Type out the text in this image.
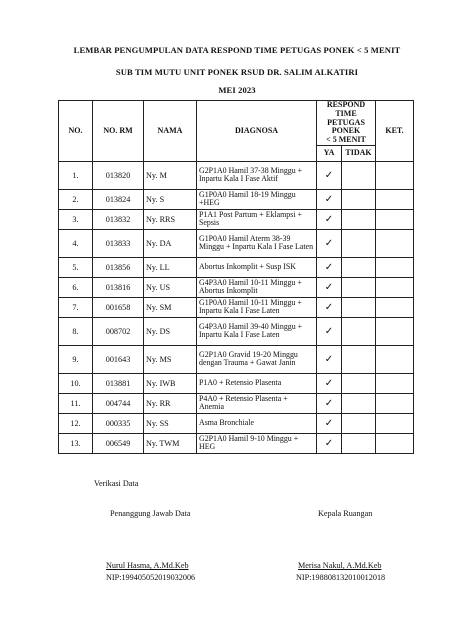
LEMBAR PENGUMPULAN DATA RESPOND TIME PETUGAS PONEK < 5 MENIT
SUB TIM MUTU UNIT PONEK RSUD DR. SALIM ALKATIRI
MEI 2023
NO.	NO. RM	NAMA	DIAGNOSA	RESPOND
TIME
PETUGAS
PONEK
< 5 MENIT		KET.
				YA	TIDAK	
1.	013820	Ny. M	G2P1A0 Hamil 37-38 Minggu + Inpartu Kala I Fase Aktif	✓		
2.	013824	Ny. S	G1P0A0 Hamil 18-19 Minggu +HEG	✓		
3.	013832	Ny. RRS	P1A1 Post Partum + Eklampsi + Sepsis	✓		
4.	013833	Ny. DA	G1P0A0 Hamil Aterm 38-39 Minggu + Inpartu Kala I Fase Laten	✓		
5.	013856	Ny. LL	Abortus Inkomplit + Susp ISK	✓		
6.	013816	Ny. US	G4P3A0 Hamil 10-11 Minggu + Abortus Inkomplit	✓		
7.	001658	Ny. SM	G1P0A0 Hamil 10-11 Minggu + Inpartu Kala I Fase Laten	✓		
8.	008702	Ny. DS	G4P3A0 Hamil 39-40 Minggu + Inpartu Kala I Fase Laten	✓		
9.	001643	Ny. MS	G2P1A0 Gravid 19-20 Minggu dengan Trauma + Gawat Janin	✓		
10.	013881	Ny. IWB	P1A0 + Retensio Plasenta	✓		
11.	004744	Ny. RR	P4A0 + Retensio Plasenta + Anemia	✓		
12.	000335	Ny. SS	Asma Bronchiale	✓		
13.	006549	Ny. TWM	G2P1A0 Hamil 9-10 Minggu + HEG	✓		
Verikasi Data
Penanggung Jawab Data	Kepala Ruangan
Nurul Hasma, A.Md.Keb
NIP:199405052019032006
Merisa Nakul, A.Md.Keb
NIP:198808132010012018
